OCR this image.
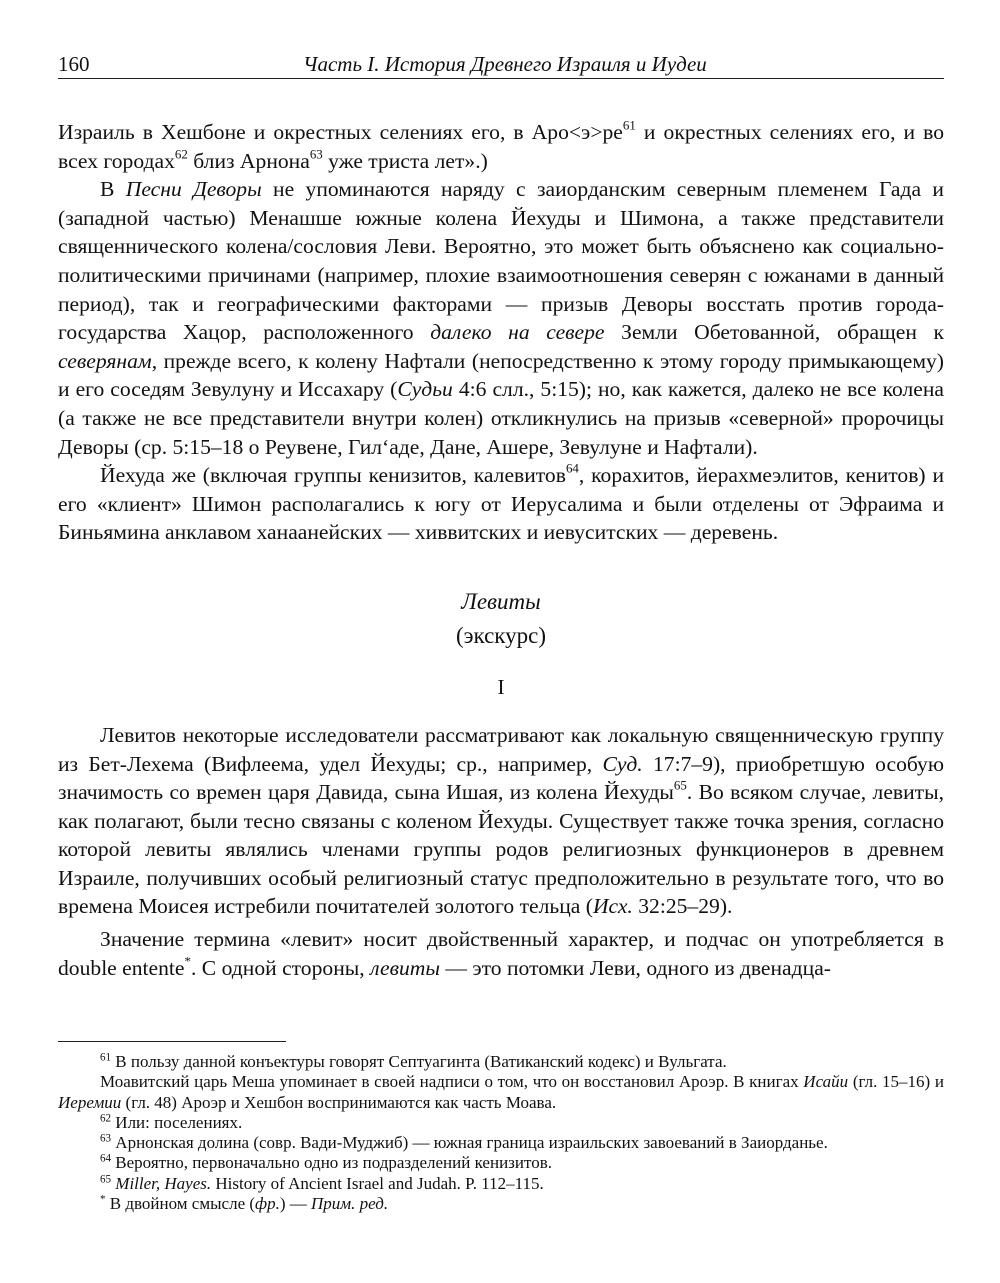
160	Часть I. История Древнего Израиля и Иудеи

Израиль в Хешбоне и окрестных селениях его, в $Аро<э>ре^{61}$ и окрестных селениях его, и во всех городах$^{62}$ близ Арнона$^{63}$ уже триста лет».)

В Песни Деворы не упоминаются наряду с заиорданским северным племенем Гада и (западной частью) Менашше южные колена Йехуды и Шимона, а также представители священнического колена/сословия Леви. Вероятно, это может быть объяснено как социально-политическими причинами (например, плохие взаимоотношения северян с южанами в данный период), так и географическими факторами — призыв Деворы восстать против города-государства Хацор, расположенного далеко на севере Земли Обетованной, обращен к северянам, прежде всего, к колену Нафтали (непосредственно к этому городу примыкающему) и его соседям Зевулуну и Иссахару (Судьи 4:6 слл., 5:15); но, как кажется, далеко не все колена (а также не все представители внутри колен) откликнулись на призыв «северной» пророчицы Деворы (ср. 5:15–18 о Реувене, Гил‘аде, Дане, Ашере, Зевулуне и Нафтали).

Йехуда же (включая группы кенизитов, калевитов$^{64}$, корахитов, йерахмеэлитов, кенитов) и его «клиент» Шимон располагались к югу от Иерусалима и были отделены от Эфраима и Биньямина анклавом ханаанейских — хиввитских и иевуситских — деревень.

Левиты
(экскурс)
I

Левитов некоторые исследователи рассматривают как локальную священническую группу из Бет-Лехема (Вифлеема, удел Йехуды; ср., например, Суд. 17:7–9), приобретшую особую значимость со времен царя Давида, сына Ишая, из колена Йехуды$^{65}$. Во всяком случае, левиты, как полагают, были тесно связаны с коленом Йехуды. Существует также точка зрения, согласно которой левиты являлись членами группы родов религиозных функционеров в древнем Израиле, получивших особый религиозный статус предположительно в результате того, что во времена Моисея истребили почитателей золотого тельца (Исх. 32:25–29).

Значение термина «левит» носит двойственный характер, и подчас он употребляется в double entente*. С одной стороны, левиты — это потомки Леви, одного из двенадца-

$^{61}$ В пользу данной конъектуры говорят Септуагинта (Ватиканский кодекс) и Вульгата.

Моавитский царь Меша упоминает в своей надписи о том, что он восстановил Ароэр. В книгах Исайи (гл. 15–16) и Иеремии (гл. 48) Ароэр и Хешбон воспринимаются как часть Моава.

$^{62}$ Или: поселениях.

$^{63}$ Арнонская долина (совр. Вади-Муджиб) — южная граница израильских завоеваний в Заиорданье.

$^{64}$ Вероятно, первоначально одно из подразделений кенизитов.

$^{65}$ Miller, Hayes. History of Ancient Israel and Judah. P. 112–115.

* В двойном смысле (фр.) — Прим. ред.
